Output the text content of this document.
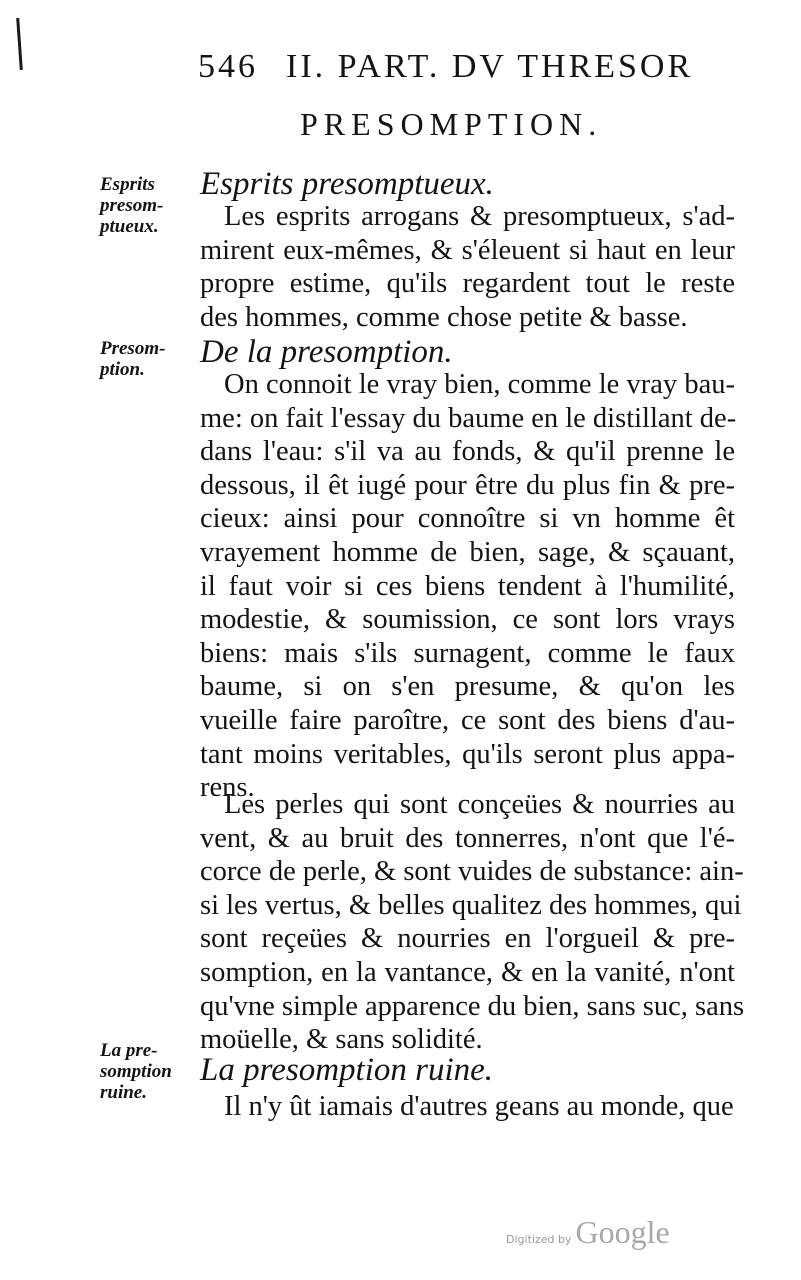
546 II. PART. DV THRESOR
PRESOMPTION.
Esprits
presom-
ptueux.
Esprits presomptueux.
Les esprits arrogans & presomptueux, s'ad-
mirent eux-mêmes, & s'éleuent si haut en leur
propre estime, qu'ils regardent tout le reste
des hommes, comme chose petite & basse.
Presom-
ption.	De la presomption.
On connoit le vray bien, comme le vray bau-
me: on fait l'essay du baume en le distillant de-
dans l'eau: s'il va au fonds, & qu'il prenne le
dessous, il êt iugé pour être du plus fin & pre-
cieux: ainsi pour connoître si vn homme êt
vrayement homme de bien, sage, & sçauant,
il faut voir si ces biens tendent à l'humilité,
modestie, & soumission, ce sont lors vrays
biens: mais s'ils surnagent, comme le faux
baume, si on s'en presume, & qu'on les
vueille faire paroître, ce sont des biens d'au-
tant moins veritables, qu'ils seront plus appa-
rens.
Les perles qui sont conçeües & nourries au
vent, & au bruit des tonnerres, n'ont que l'é-
corce de perle, & sont vuides de substance: ain-
si les vertus, & belles qualitez des hommes, qui
sont reçeües & nourries en l'orgueil & pre-
somption, en la vantance, & en la vanité, n'ont
qu'vne simple apparence du bien, sans suc, sans
moüelle, & sans solidité.
La pre-
somption
ruine.
La presomption ruine.
Il n'y ût iamais d'autres geans au monde, que
Digitized by Google
